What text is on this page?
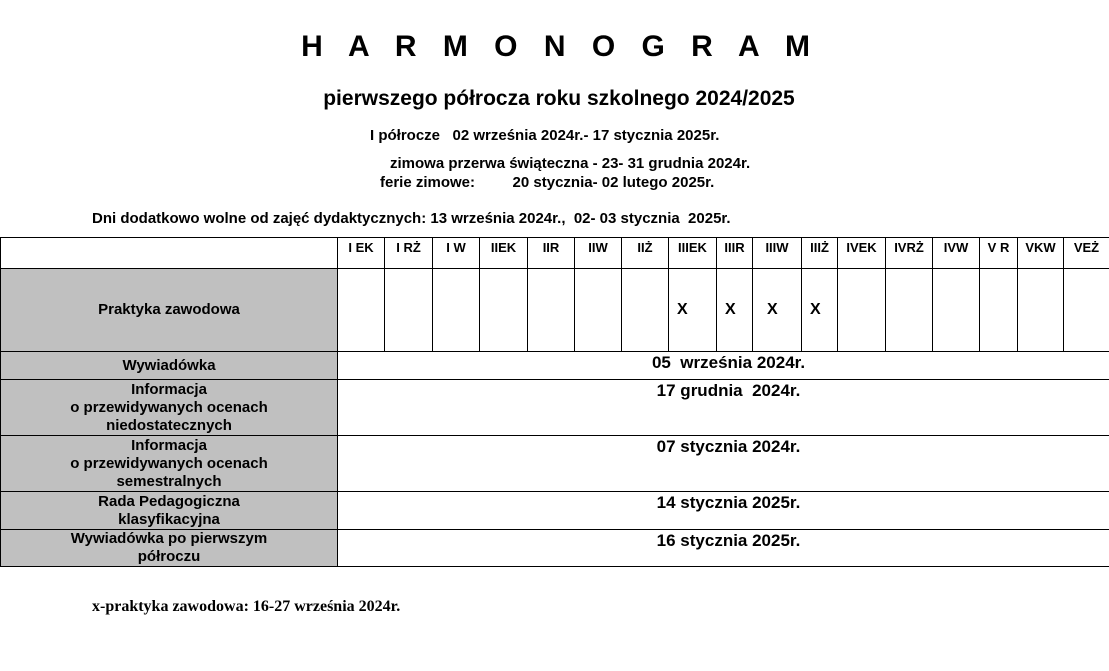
H A R M O N O G R A M
pierwszego półrocza roku szkolnego 2024/2025
I półrocze   02 września 2024r.- 17 stycznia 2025r.
zimowa przerwa świąteczna - 23- 31 grudnia 2024r.
ferie zimowe:         20 stycznia- 02 lutego 2025r.
Dni dodatkowo wolne od zajęć dydaktycznych: 13 września 2024r.,  02- 03 stycznia  2025r.
	I EK	I RŻ	I W	IIEK	IIR	IIW	IIŻ	IIIEK	IIIR	IIIW	IIIŻ	IVEK	IVRŻ	IVW	V R	VKW	VEŻ
Praktyka zawodowa								X	X	X	X						
Wywiadówka	05  września 2024r.																
Informacja
o przewidywanych ocenach
niedostatecznych	17 grudnia  2024r.																
Informacja
o przewidywanych ocenach
semestralnych	07 stycznia 2024r.																
Rada Pedagogiczna
klasyfikacyjna	14 stycznia 2025r.																
Wywiadówka po pierwszym
półroczu	16 stycznia 2025r.																
x-praktyka zawodowa: 16-27 września 2024r.
